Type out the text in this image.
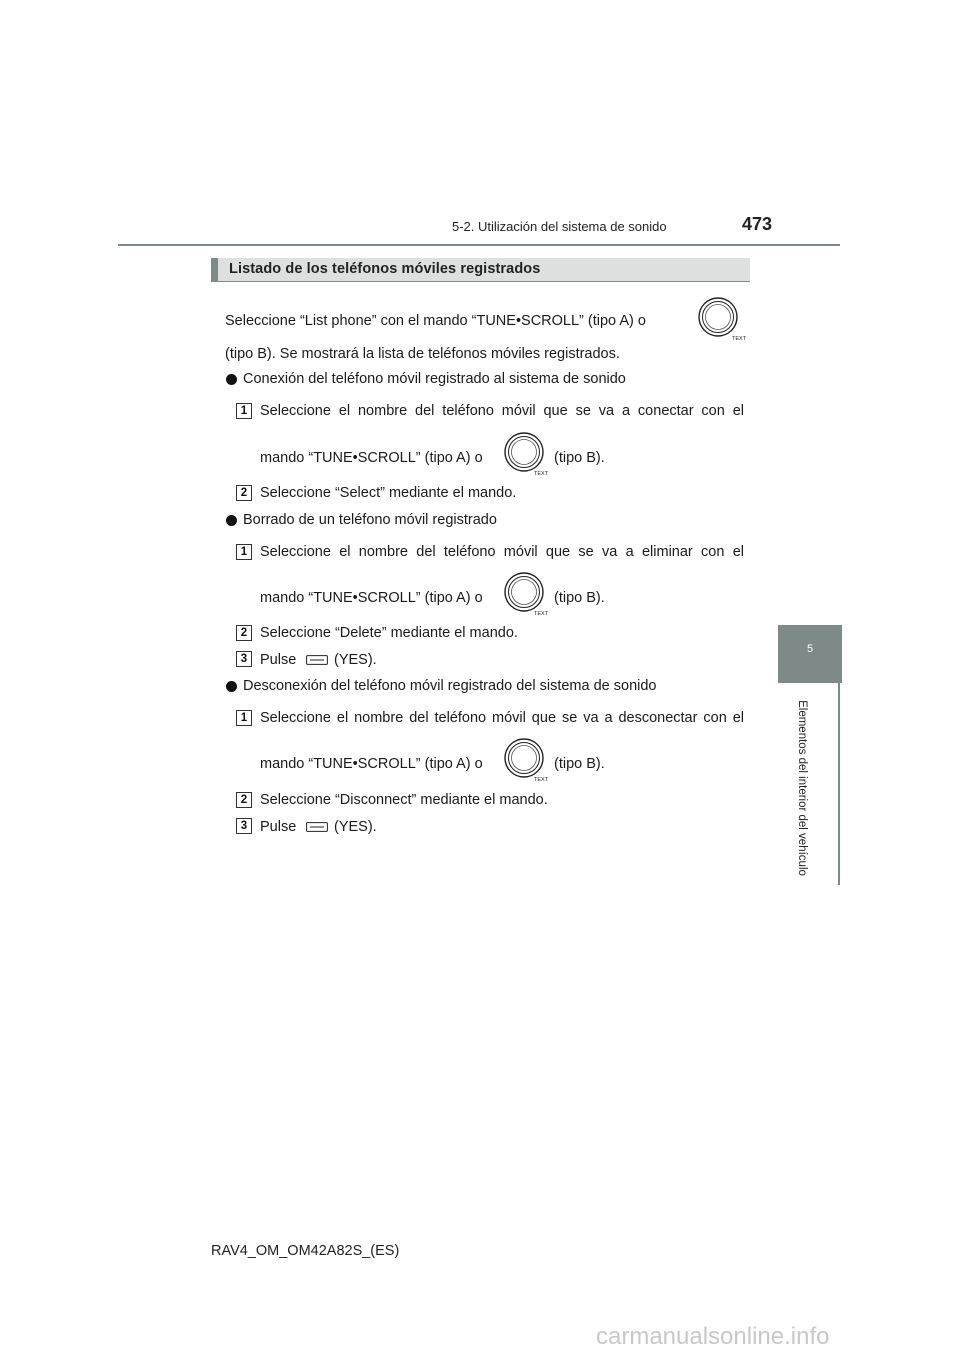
5-2. Utilización del sistema de sonido	473
5
Elementos del interior del vehículo
Listado de los teléfonos móviles registrados
Seleccione “List phone” con el mando “TUNE•SCROLL” (tipo A) o
TEXT
(tipo B). Se mostrará la lista de teléfonos móviles registrados.
Conexión del teléfono móvil registrado al sistema de sonido
1 Seleccione el nombre del teléfono móvil que se va a conectar con el
mando “TUNE•SCROLL” (tipo A) o
TEXT
(tipo B).
2 Seleccione “Select” mediante el mando.
Borrado de un teléfono móvil registrado
1 Seleccione el nombre del teléfono móvil que se va a eliminar con el
mando “TUNE•SCROLL” (tipo A) o
TEXT
(tipo B).
2 Seleccione “Delete” mediante el mando.
3 Pulse	(YES).
Desconexión del teléfono móvil registrado del sistema de sonido
1 Seleccione el nombre del teléfono móvil que se va a desconectar con el
mando “TUNE•SCROLL” (tipo A) o
TEXT
(tipo B).
2 Seleccione “Disconnect” mediante el mando.
3 Pulse	(YES).
RAV4_OM_OM42A82S_(ES)
carmanualsonline.info
